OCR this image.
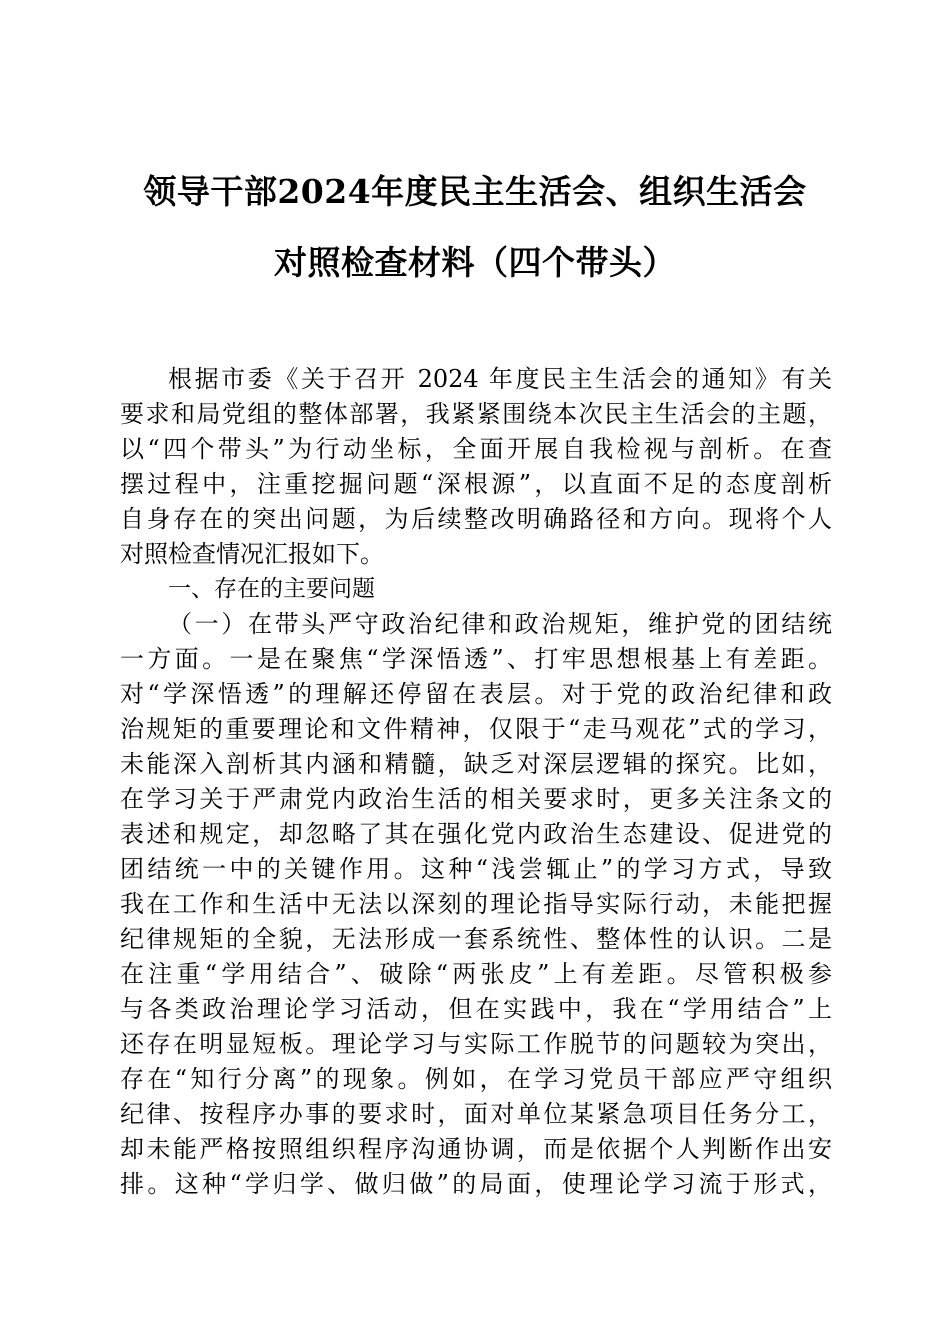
领导干部2024年度民主生活会、组织生活会
对照检查材料（四个带头）
根据市委《关于召开 2024 年度民主生活会的通知》有关
要求和局党组的整体部署，我紧紧围绕本次民主生活会的主题，
以“四个带头”为行动坐标，全面开展自我检视与剖析。在查
摆过程中，注重挖掘问题“深根源”，以直面不足的态度剖析
自身存在的突出问题，为后续整改明确路径和方向。现将个人
对照检查情况汇报如下。
一、存在的主要问题
（一）在带头严守政治纪律和政治规矩，维护党的团结统
一方面。一是在聚焦“学深悟透”、打牢思想根基上有差距。
对“学深悟透”的理解还停留在表层。对于党的政治纪律和政
治规矩的重要理论和文件精神，仅限于“走马观花”式的学习，
未能深入剖析其内涵和精髓，缺乏对深层逻辑的探究。比如，
在学习关于严肃党内政治生活的相关要求时，更多关注条文的
表述和规定，却忽略了其在强化党内政治生态建设、促进党的
团结统一中的关键作用。这种“浅尝辄止”的学习方式，导致
我在工作和生活中无法以深刻的理论指导实际行动，未能把握
纪律规矩的全貌，无法形成一套系统性、整体性的认识。二是
在注重“学用结合”、破除“两张皮”上有差距。尽管积极参
与各类政治理论学习活动，但在实践中，我在“学用结合”上
还存在明显短板。理论学习与实际工作脱节的问题较为突出，
存在“知行分离”的现象。例如，在学习党员干部应严守组织
纪律、按程序办事的要求时，面对单位某紧急项目任务分工，
却未能严格按照组织程序沟通协调，而是依据个人判断作出安
排。这种“学归学、做归做”的局面，使理论学习流于形式，
